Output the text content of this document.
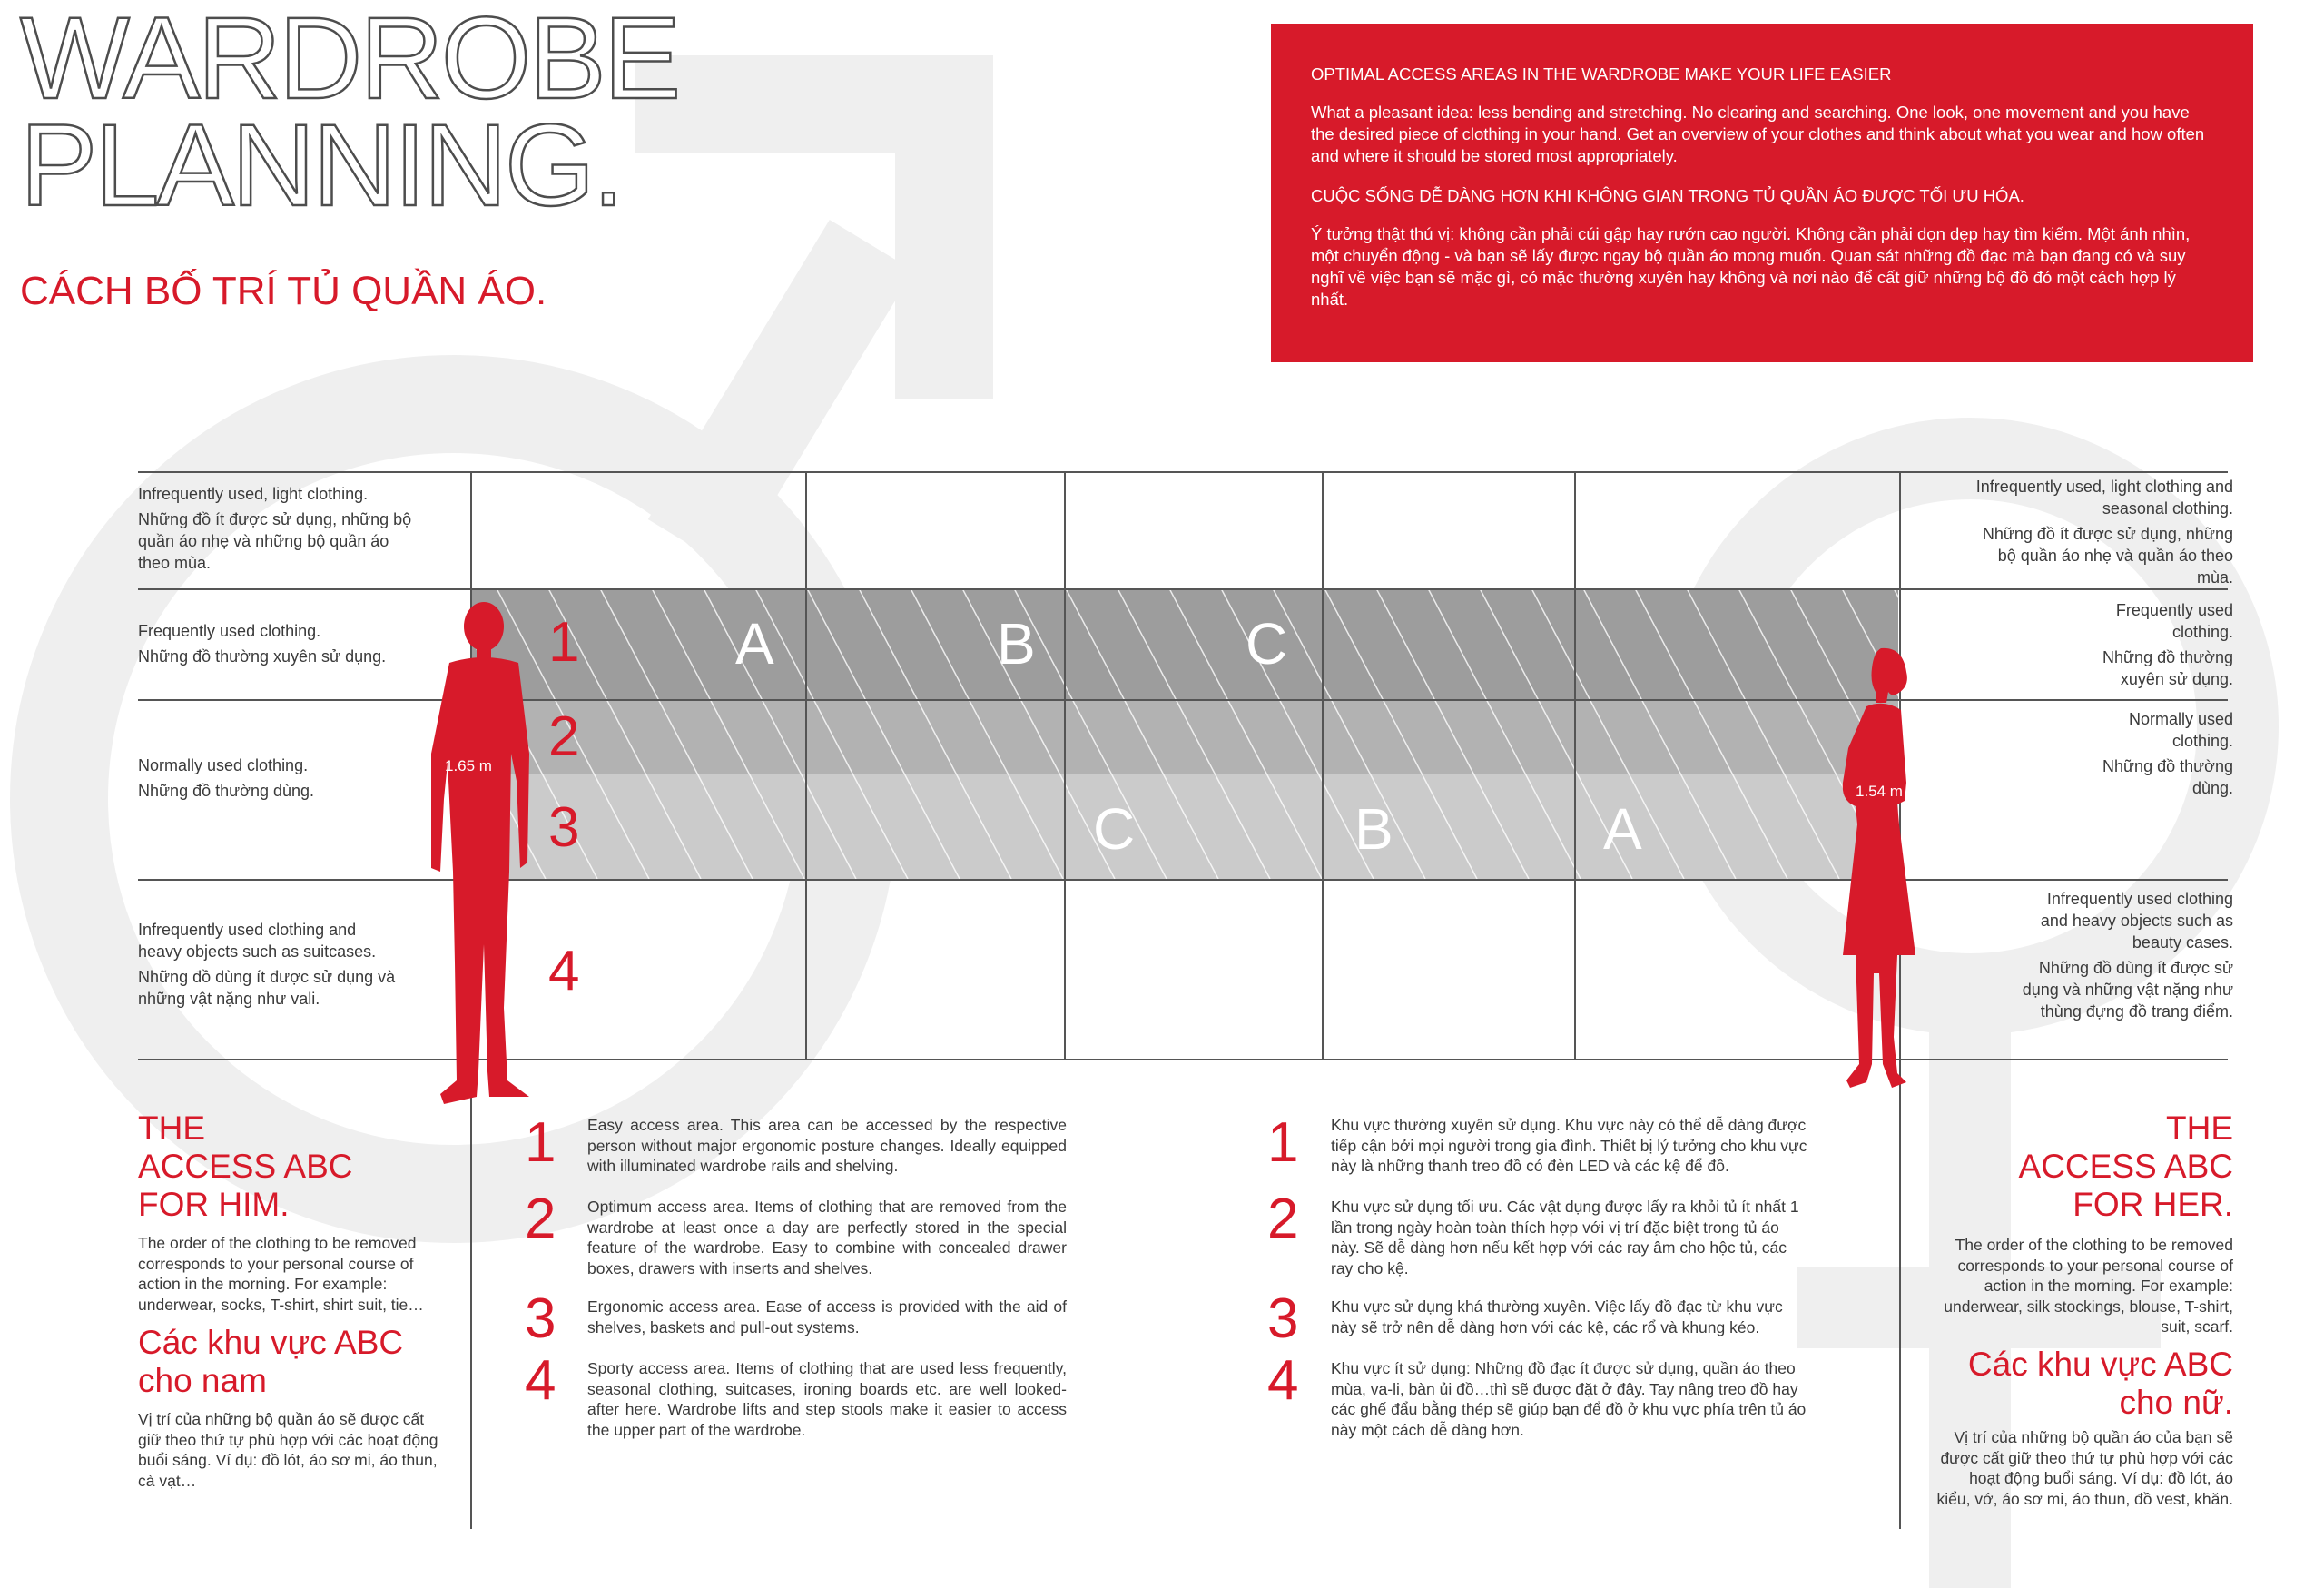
WARDROBE
PLANNING.
CÁCH BỐ TRÍ TỦ QUẦN ÁO.

OPTIMAL ACCESS AREAS IN THE WARDROBE MAKE YOUR LIFE EASIER

What a pleasant idea: less bending and stretching. No clearing and searching. One look, one movement and you have the desired piece of clothing in your hand. Get an overview of your clothes and think about what you wear and how often and where it should be stored most appropriately.

CUỘC SỐNG DỄ DÀNG HƠN KHI KHÔNG GIAN TRONG TỦ QUẦN ÁO ĐƯỢC TỐI ƯU HÓA.

Ý tưởng thật thú vị: không cần phải cúi gập hay rướn cao người. Không cần phải dọn dẹp hay tìm kiếm. Một ánh nhìn, một chuyển động - và bạn sẽ lấy được ngay bộ quần áo mong muốn. Quan sát những đồ đạc mà bạn đang có và suy nghĩ về việc bạn sẽ mặc gì, có mặc thường xuyên hay không và nơi nào để cất giữ những bộ đồ đó một cách hợp lý nhất.

Infrequently used, light clothing.

Những đồ ít được sử dụng, những bộ quần áo nhẹ và những bộ quần áo theo mùa.

Frequently used clothing.

Những đồ thường xuyên sử dụng.

Normally used clothing.

Những đồ thường dùng.

Infrequently used clothing and heavy objects such as suitcases.

Những đồ dùng ít được sử dụng và những vật nặng như vali.

Infrequently used, light clothing and seasonal clothing.

Những đồ ít được sử dụng, những bộ quần áo nhẹ và quần áo theo mùa.

Frequently used clothing.

Những đồ thường xuyên sử dụng.

Normally used clothing.

Những đồ thường dùng.

Infrequently used clothing and heavy objects such as beauty cases.

Những đồ dùng ít được sử dụng và những vật nặng như thùng đựng đồ trang điểm.

1
2
3
4
A	B	C
C	B	A
1.65 m
1.54 m
THE
ACCESS ABC
FOR HIM.
The order of the clothing to be removed corresponds to your personal course of action in the morning. For example: underwear, socks, T-shirt, shirt suit, tie…
Các khu vực ABC
cho nam
Vị trí của những bộ quần áo sẽ được cất giữ theo thứ tự phù hợp với các hoạt động buổi sáng. Ví dụ: đồ lót, áo sơ mi, áo thun, cà vạt…
THE
ACCESS ABC
FOR HER.
The order of the clothing to be removed corresponds to your personal course of action in the morning. For example: underwear, silk stockings, blouse, T-shirt, suit, scarf.
Các khu vực ABC
cho nữ.
Vị trí của những bộ quần áo của bạn sẽ được cất giữ theo thứ tự phù hợp với các hoạt động buổi sáng. Ví dụ: đồ lót, áo kiểu, vớ, áo sơ mi, áo thun, đồ vest, khăn.
1 Easy access area. This area can be accessed by the respective person without major ergonomic posture changes. Ideally equipped with illuminated wardrobe rails and shelving.
2 Optimum access area. Items of clothing that are removed from the wardrobe at least once a day are perfectly stored in the special feature of the wardrobe. Easy to combine with concealed drawer boxes, drawers with inserts and shelves.
3 Ergonomic access area. Ease of access is provided with the aid of shelves, baskets and pull-out systems.
4 Sporty access area. Items of clothing that are used less frequently, seasonal clothing, suitcases, ironing boards etc. are well looked-after here. Wardrobe lifts and step stools make it easier to access the upper part of the wardrobe.
1 Khu vực thường xuyên sử dụng. Khu vực này có thể dễ dàng được tiếp cận bởi mọi người trong gia đình. Thiết bị lý tưởng cho khu vực này là những thanh treo đồ có đèn LED và các kệ để đồ.
2 Khu vực sử dụng tối ưu. Các vật dụng được lấy ra khỏi tủ ít nhất 1 lần trong ngày hoàn toàn thích hợp với vị trí đặc biệt trong tủ áo này. Sẽ dễ dàng hơn nếu kết hợp với các ray âm cho hộc tủ, các ray cho kệ.
3 Khu vực sử dụng khá thường xuyên. Việc lấy đồ đạc từ khu vực này sẽ trở nên dễ dàng hơn với các kệ, các rổ và khung kéo.
4 Khu vực ít sử dụng: Những đồ đạc ít được sử dụng, quần áo theo mùa, va-li, bàn ủi đồ…thì sẽ được đặt ở đây. Tay nâng treo đồ hay các ghế đẩu bằng thép sẽ giúp bạn để đồ ở khu vực phía trên tủ áo này một cách dễ dàng hơn.
